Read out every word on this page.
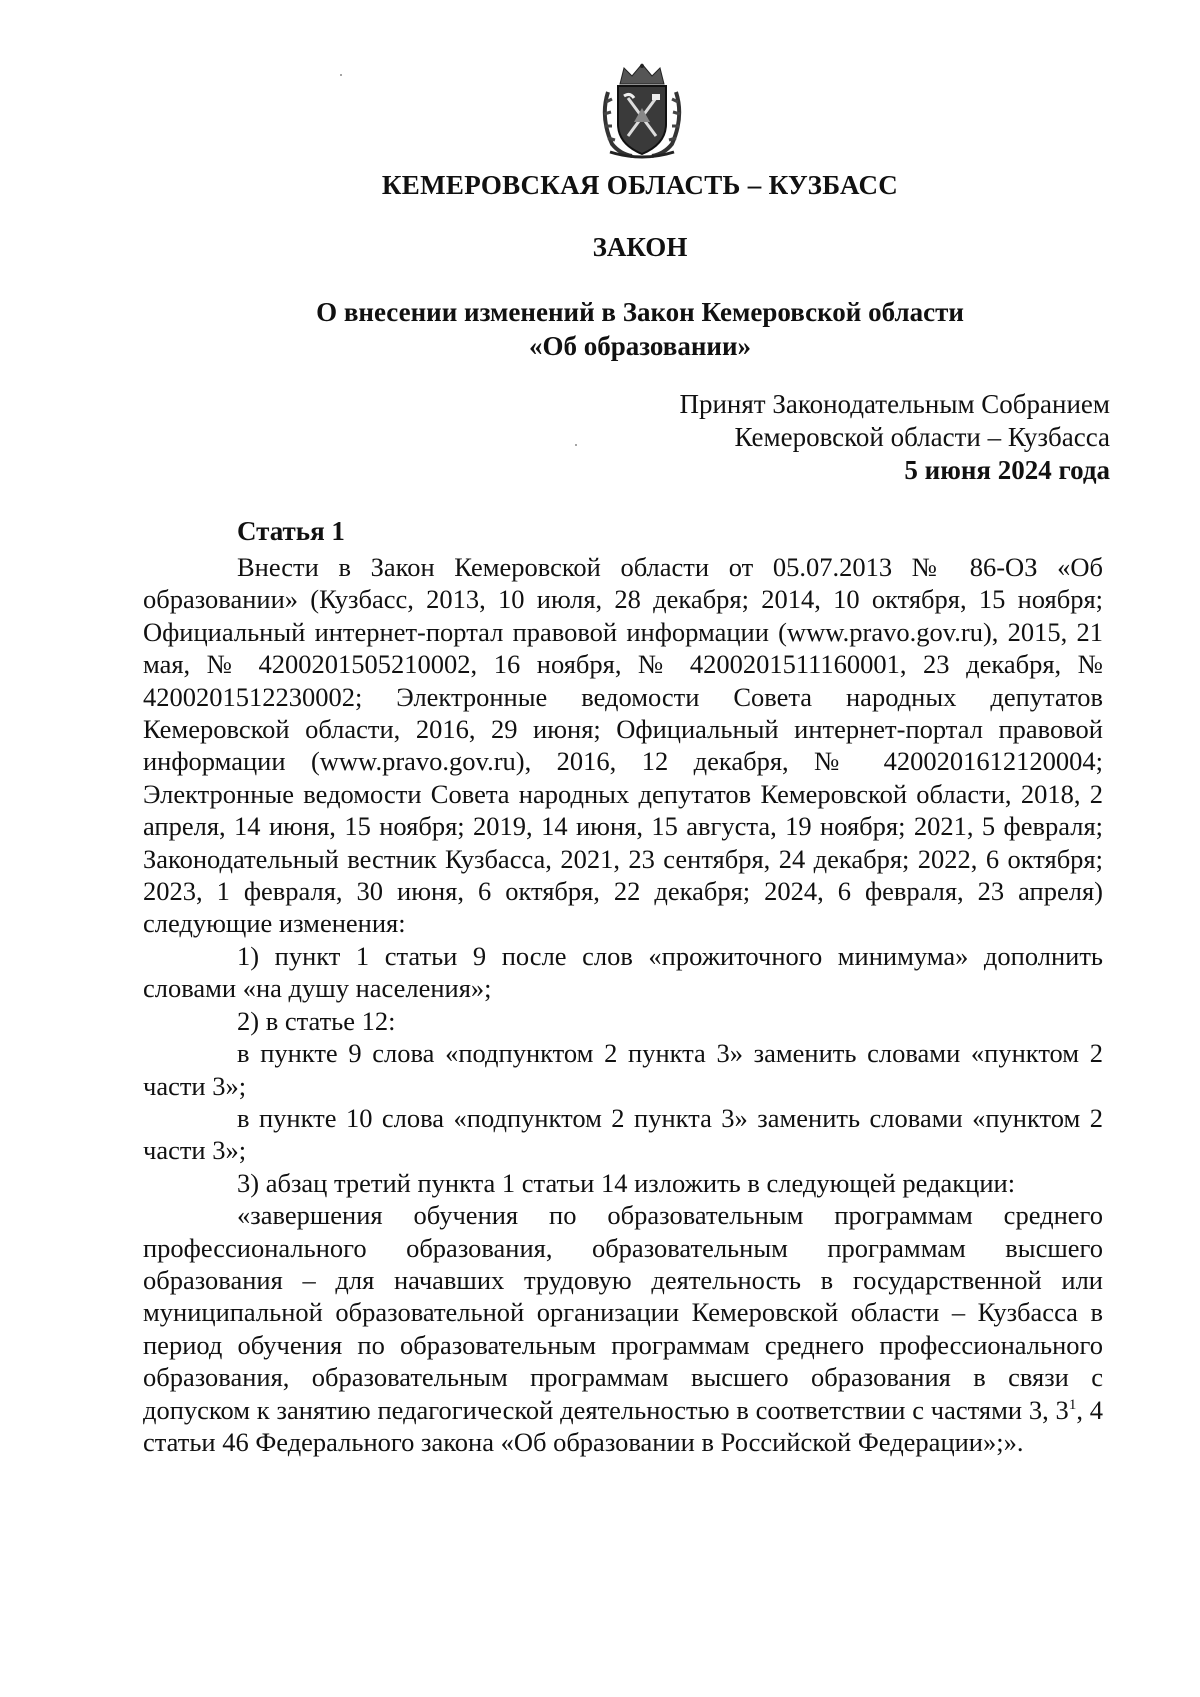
КЕМЕРОВСКАЯ ОБЛАСТЬ – КУЗБАСС
ЗАКОН
О внесении изменений в Закон Кемеровской области
«Об образовании»
Принят Законодательным Собранием
Кемеровской области – Кузбасса
5 июня 2024 года
Статья 1

Внести в Закон Кемеровской области от 05.07.2013 № 86-ОЗ «Об образовании» (Кузбасс, 2013, 10 июля, 28 декабря; 2014, 10 октября, 15 ноября; Официальный интернет-портал правовой информации (www.pravo.gov.ru), 2015, 21 мая, № 4200201505210002, 16 ноября, № 4200201511160001, 23 декабря, № 4200201512230002; Электронные ведомости Совета народных депутатов Кемеровской области, 2016, 29 июня; Официальный интернет-портал правовой информации (www.pravo.gov.ru), 2016, 12 декабря, № 4200201612120004; Электронные ведомости Совета народных депутатов Кемеровской области, 2018, 2 апреля, 14 июня, 15 ноября; 2019, 14 июня, 15 августа, 19 ноября; 2021, 5 февраля; Законодательный вестник Кузбасса, 2021, 23 сентября, 24 декабря; 2022, 6 октября; 2023, 1 февраля, 30 июня, 6 октября, 22 декабря; 2024, 6 февраля, 23 апреля) следующие изменения:

1) пункт 1 статьи 9 после слов «прожиточного минимума» дополнить словами «на душу населения»;

2) в статье 12:

в пункте 9 слова «подпунктом 2 пункта 3» заменить словами «пунктом 2 части 3»;

в пункте 10 слова «подпунктом 2 пункта 3» заменить словами «пунктом 2 части 3»;

3) абзац третий пункта 1 статьи 14 изложить в следующей редакции:

«завершения обучения по образовательным программам среднего профессионального образования, образовательным программам высшего образования – для начавших трудовую деятельность в государственной или муниципальной образовательной организации Кемеровской области – Кузбасса в период обучения по образовательным программам среднего профессионального образования, образовательным программам высшего образования в связи с допуском к занятию педагогической деятельностью в соответствии с частями 3, $3^1$, 4 статьи 46 Федерального закона «Об образовании в Российской Федерации»;».
